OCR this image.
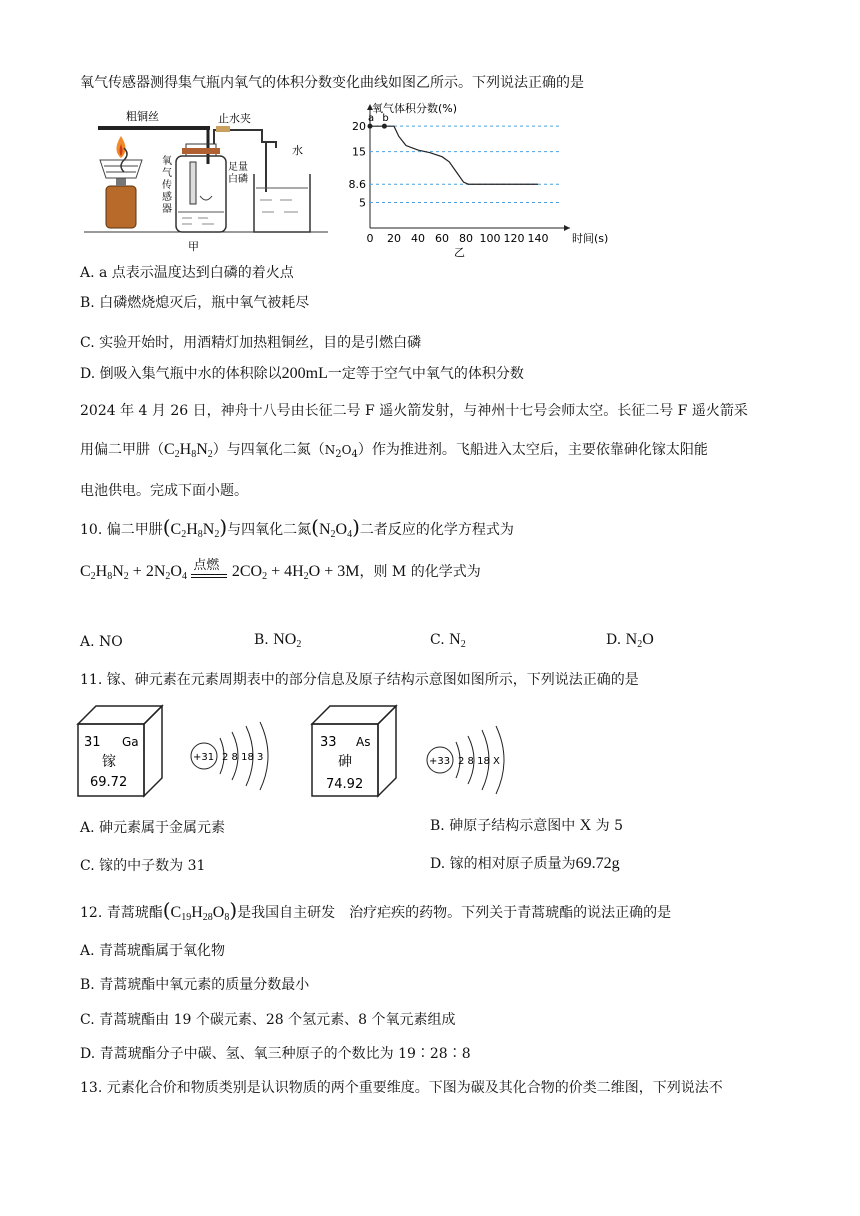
氧气传感器测得集气瓶内氧气的体积分数变化曲线如图乙所示。下列说法正确的是
粗铜丝	止水夹
氧气传感器
足量
白磷
水
甲
5
8.6
15
20
0 20 40 60 80 100 120 140
氧气体积分数(%)
时间(s)
a b
乙
A. a 点表示温度达到白磷的着火点
B. 白磷燃烧熄灭后，瓶中氧气被耗尽
C. 实验开始时，用酒精灯加热粗铜丝，目的是引燃白磷
D. 倒吸入集气瓶中水的体积除以200mL一定等于空气中氧气的体积分数
2024 年 4 月 26 日，神舟十八号由长征二号 F 遥火箭发射，与神州十七号会师太空。长征二号 F 遥火箭采
用偏二甲肼$(C_2H_8N_2)$与四氧化二氮$(N_2O_4)$作为推进剂。飞船进入太空后，主要依靠砷化镓太阳能
电池供电。完成下面小题。
10. 偏二甲肼$(C_2H_8N_2)$与四氧化二氮$(N_2O_4)$二者反应的化学方程式为
$C_2H_8N_2 + 2N_2O_4$
点燃 $2CO_2 + 4H_2O + 3M$，则 M 的化学式为
A. NO	B. $NO_2$	C. $N_2$	D. $N_2O$
11. 镓、砷元素在元素周期表中的部分信息及原子结构示意图如图所示，下列说法正确的是
31 Ga
镓
69.72
+31 2 8 18 3
33 As
砷
74.92
+33 2 8 18 X
A. 砷元素属于金属元素	B. 砷原子结构示意图中 X 为 5
C. 镓的中子数为 31	D. 镓的相对原子质量为69.72g
12. 青蒿琥酯$(C_{19}H_{28}O_8)$是我国自主研发　治疗疟疾的药物。下列关于青蒿琥酯的说法正确的是
A. 青蒿琥酯属于氧化物
B. 青蒿琥酯中氧元素的质量分数最小
C. 青蒿琥酯由 19 个碳元素、28 个氢元素、8 个氧元素组成
D. 青蒿琥酯分子中碳、氢、氧三种原子的个数比为 19∶28∶8
13. 元素化合价和物质类别是认识物质的两个重要维度。下图为碳及其化合物的价类二维图，下列说法不
